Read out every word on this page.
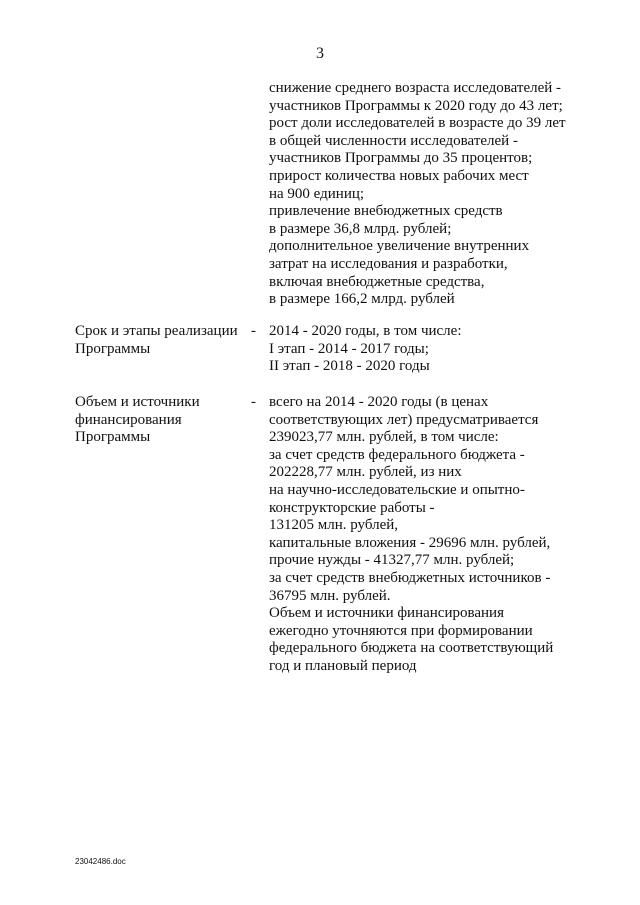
3
снижение среднего возраста исследователей -
участников Программы к 2020 году до 43 лет;
рост доли исследователей в возрасте до 39 лет
в общей численности исследователей -
участников Программы до 35 процентов;
прирост количества новых рабочих мест
на 900 единиц;
привлечение внебюджетных средств
в размере 36,8 млрд. рублей;
дополнительное увеличение внутренних
затрат на исследования и разработки,
включая внебюджетные средства,
в размере 166,2 млрд. рублей
Срок и этапы реализации
Программы
- 2014 - 2020 годы, в том числе:
I этап - 2014 - 2017 годы;
II этап - 2018 - 2020 годы
Объем и источники
финансирования
Программы
- всего на 2014 - 2020 годы (в ценах
соответствующих лет) предусматривается
239023,77 млн. рублей, в том числе:
за счет средств федерального бюджета -
202228,77 млн. рублей, из них
на научно-исследовательские и опытно-
конструкторские работы -
131205 млн. рублей,
капитальные вложения - 29696 млн. рублей,
прочие нужды - 41327,77 млн. рублей;
за счет средств внебюджетных источников -
36795 млн. рублей.
Объем и источники финансирования
ежегодно уточняются при формировании
федерального бюджета на соответствующий
год и плановый период
23042486.doc
